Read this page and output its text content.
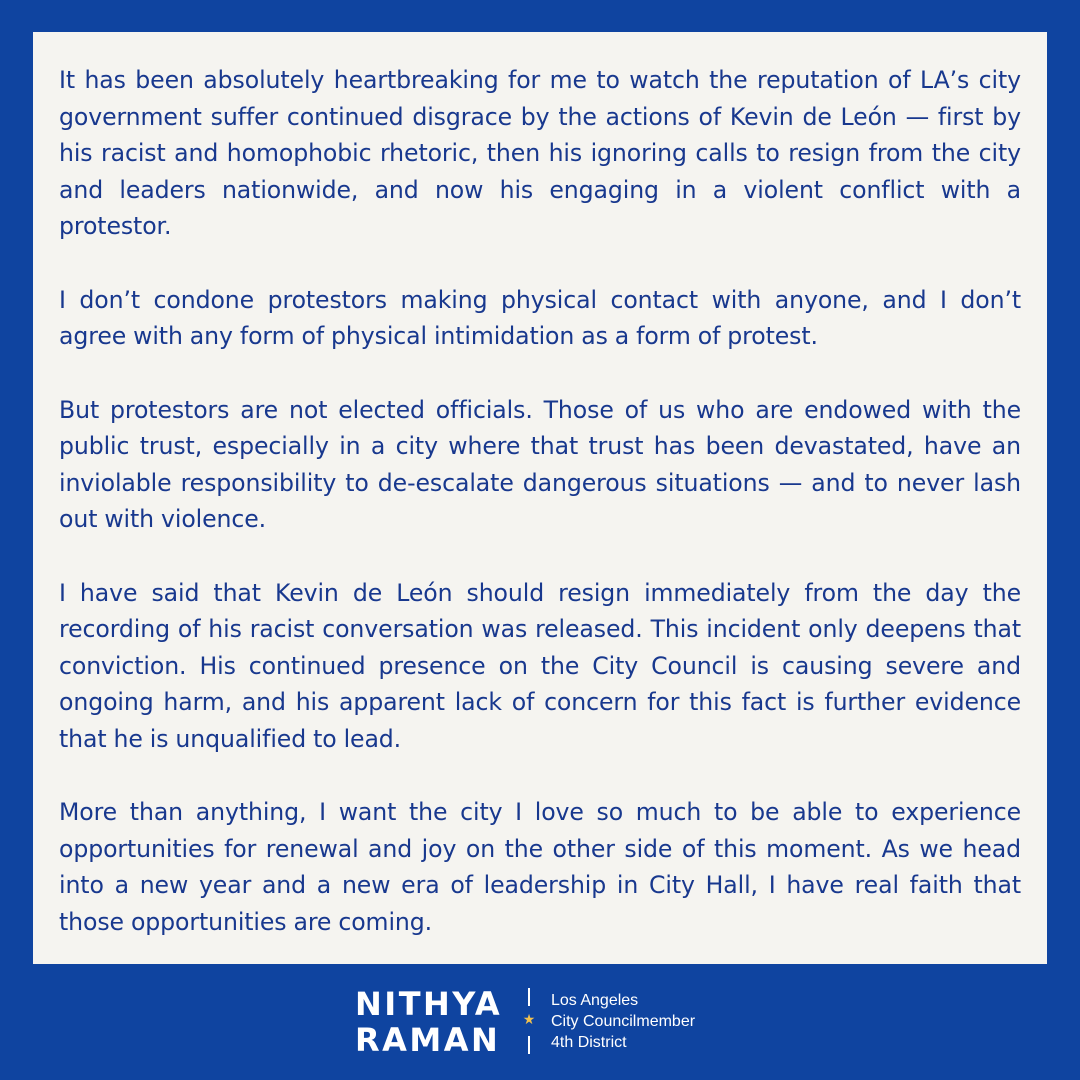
It has been absolutely heartbreaking for me to watch the reputation of LA’s city government suffer continued disgrace by the actions of Kevin de León — first by his racist and homophobic rhetoric, then his ignoring calls to resign from the city and leaders nationwide, and now his engaging in a violent conflict with a protestor.

I don’t condone protestors making physical contact with anyone, and I don’t agree with any form of physical intimidation as a form of protest.

But protestors are not elected officials. Those of us who are endowed with the public trust, especially in a city where that trust has been devastated, have an inviolable responsibility to de-escalate dangerous situations — and to never lash out with violence.

I have said that Kevin de León should resign immediately from the day the recording of his racist conversation was released. This incident only deepens that conviction. His continued presence on the City Council is causing severe and ongoing harm, and his apparent lack of concern for this fact is further evidence that he is unqualified to lead.

More than anything, I want the city I love so much to be able to experience opportunities for renewal and joy on the other side of this moment. As we head into a new year and a new era of leadership in City Hall, I have real faith that those opportunities are coming.

NITHYA
RAMAN
★
Los Angeles
City Councilmember
4th District
